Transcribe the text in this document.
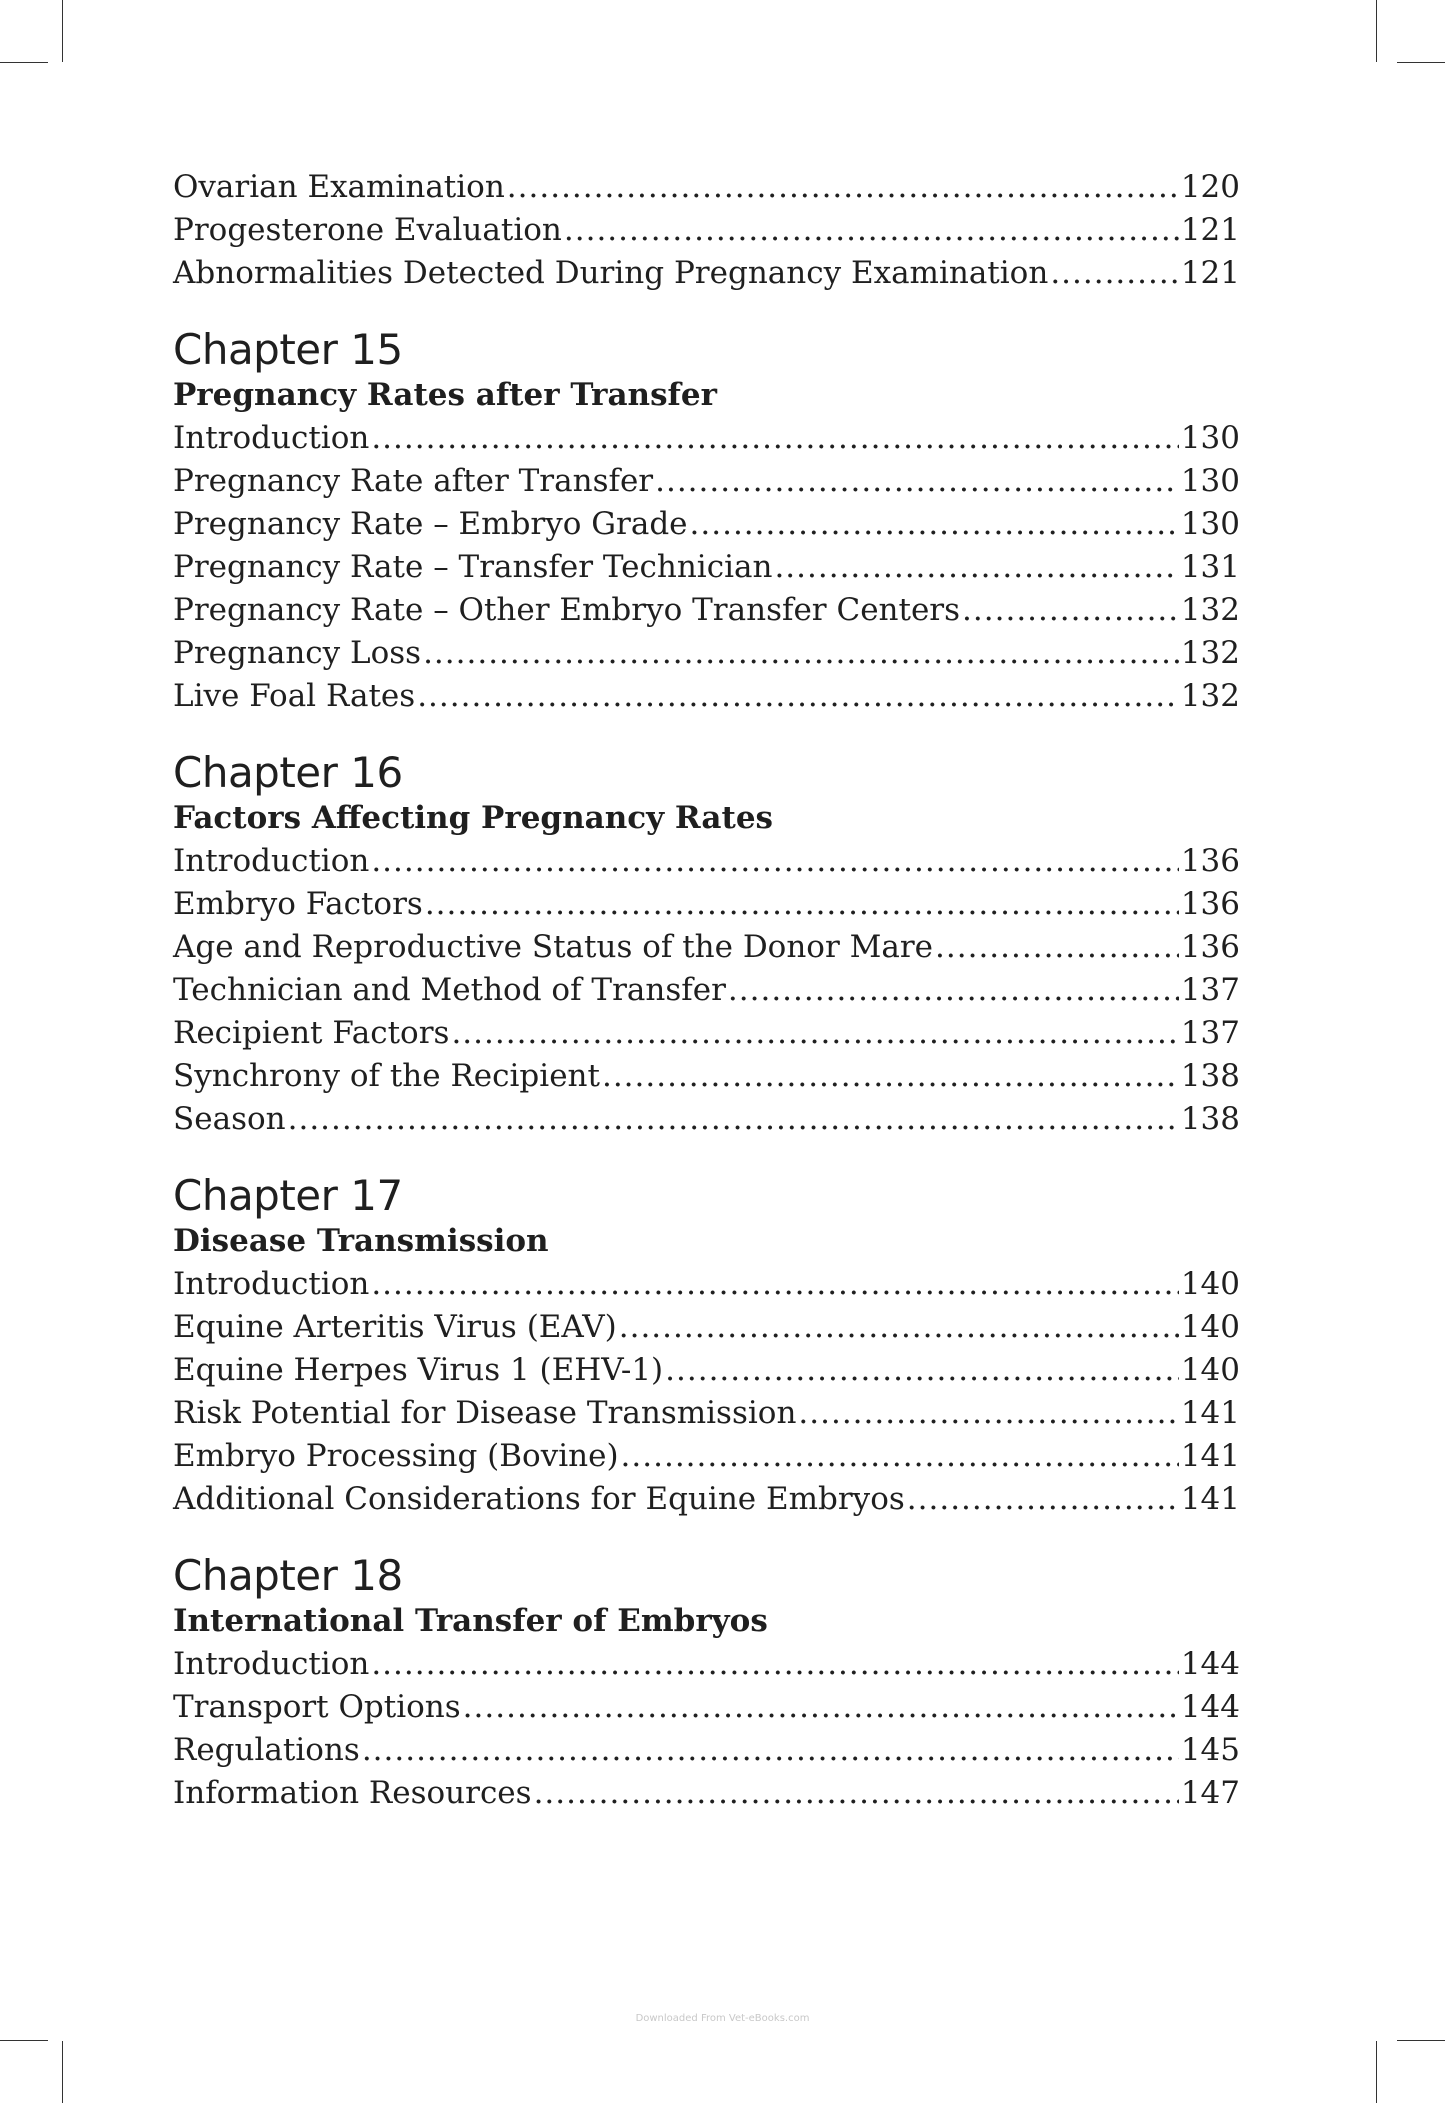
Ovarian Examination .....	120
Progesterone Evaluation .....	121
Abnormalities Detected During Pregnancy Examination .....	121
Chapter 15
Pregnancy Rates after Transfer
Introduction .....	130
Pregnancy Rate after Transfer .....	130
Pregnancy Rate – Embryo Grade .....	130
Pregnancy Rate – Transfer Technician .....	131
Pregnancy Rate – Other Embryo Transfer Centers .....	132
Pregnancy Loss .....	132
Live Foal Rates .....	132
Chapter 16
Factors Affecting Pregnancy Rates
Introduction .....	136
Embryo Factors .....	136
Age and Reproductive Status of the Donor Mare .....	136
Technician and Method of Transfer .....	137
Recipient Factors .....	137
Synchrony of the Recipient .....	138
Season .....	138
Chapter 17
Disease Transmission
Introduction .....	140
Equine Arteritis Virus (EAV) .....	140
Equine Herpes Virus 1 (EHV-1) .....	140
Risk Potential for Disease Transmission .....	141
Embryo Processing (Bovine) .....	141
Additional Considerations for Equine Embryos .....	141
Chapter 18
International Transfer of Embryos
Introduction .....	144
Transport Options .....	144
Regulations .....	145
Information Resources .....	147
Downloaded From Vet-eBooks.com
